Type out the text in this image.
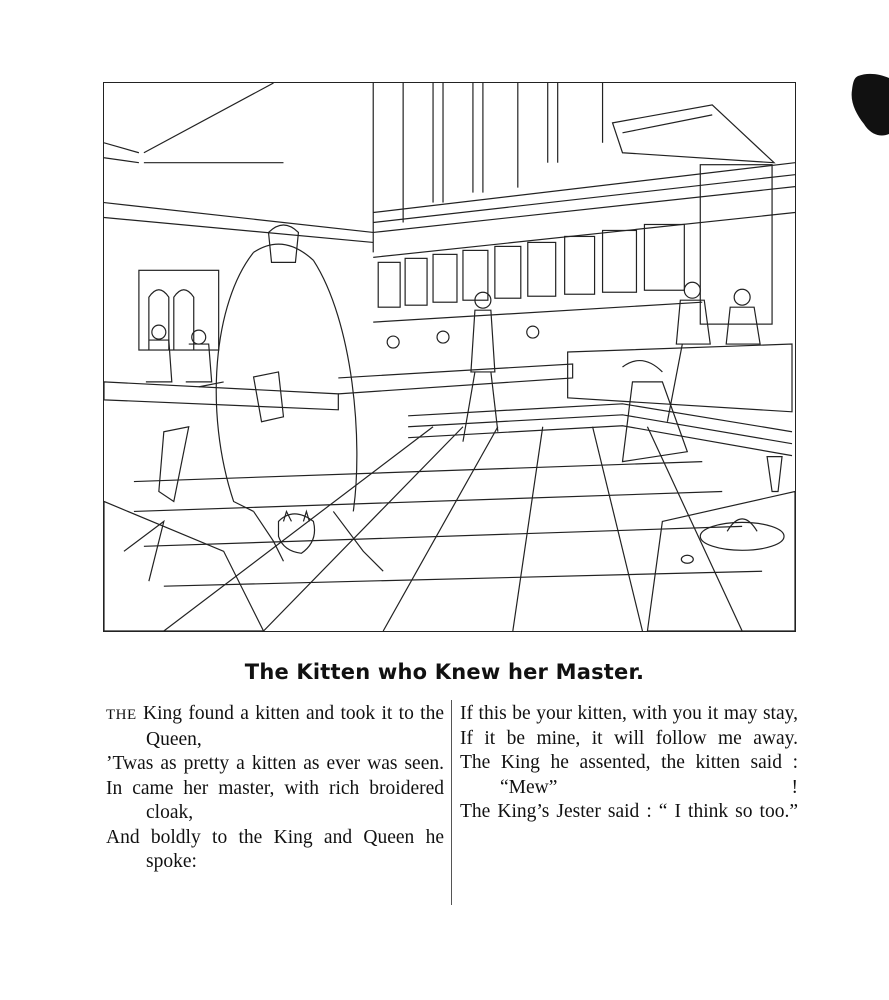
The Kitten who Knew her Master.
THE King found a kitten and took it to the Queen,
’Twas as pretty a kitten as ever was seen.
In came her master, with rich broidered cloak,
And boldly to the King and Queen he spoke:
If this be your kitten, with you it may stay,
If it be mine, it will follow me away.
The King he assented, the kitten said : “Mew” !
The King’s Jester said : “ I think so too.”
